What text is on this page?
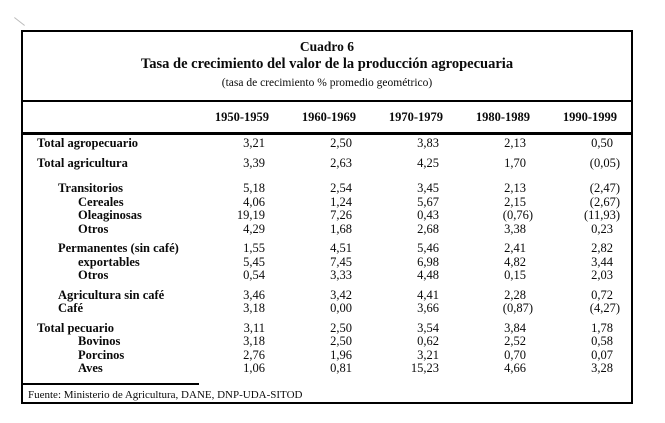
Cuadro 6
Tasa de crecimiento del valor de la producción agropecuaria
(tasa de crecimiento % promedio geométrico)
1950-1959	1960-1969	1970-1979	1980-1989	1990-1999
Total agropecuario	3,21	2,50	3,83	2,13	0,50
Total agricultura	3,39	2,63	4,25	1,70	(0,05)
Transitorios	5,18	2,54	3,45	2,13	(2,47)
Cereales	4,06	1,24	5,67	2,15	(2,67)
Oleaginosas	19,19	7,26	0,43	(0,76)	(11,93)
Otros	4,29	1,68	2,68	3,38	0,23
Permanentes (sin café)	1,55	4,51	5,46	2,41	2,82
exportables	5,45	7,45	6,98	4,82	3,44
Otros	0,54	3,33	4,48	0,15	2,03
Agricultura sin café	3,46	3,42	4,41	2,28	0,72
Café	3,18	0,00	3,66	(0,87)	(4,27)
Total pecuario	3,11	2,50	3,54	3,84	1,78
Bovinos	3,18	2,50	0,62	2,52	0,58
Porcinos	2,76	1,96	3,21	0,70	0,07
Aves	1,06	0,81	15,23	4,66	3,28
Fuente: Ministerio de Agricultura, DANE, DNP-UDA-SITOD
